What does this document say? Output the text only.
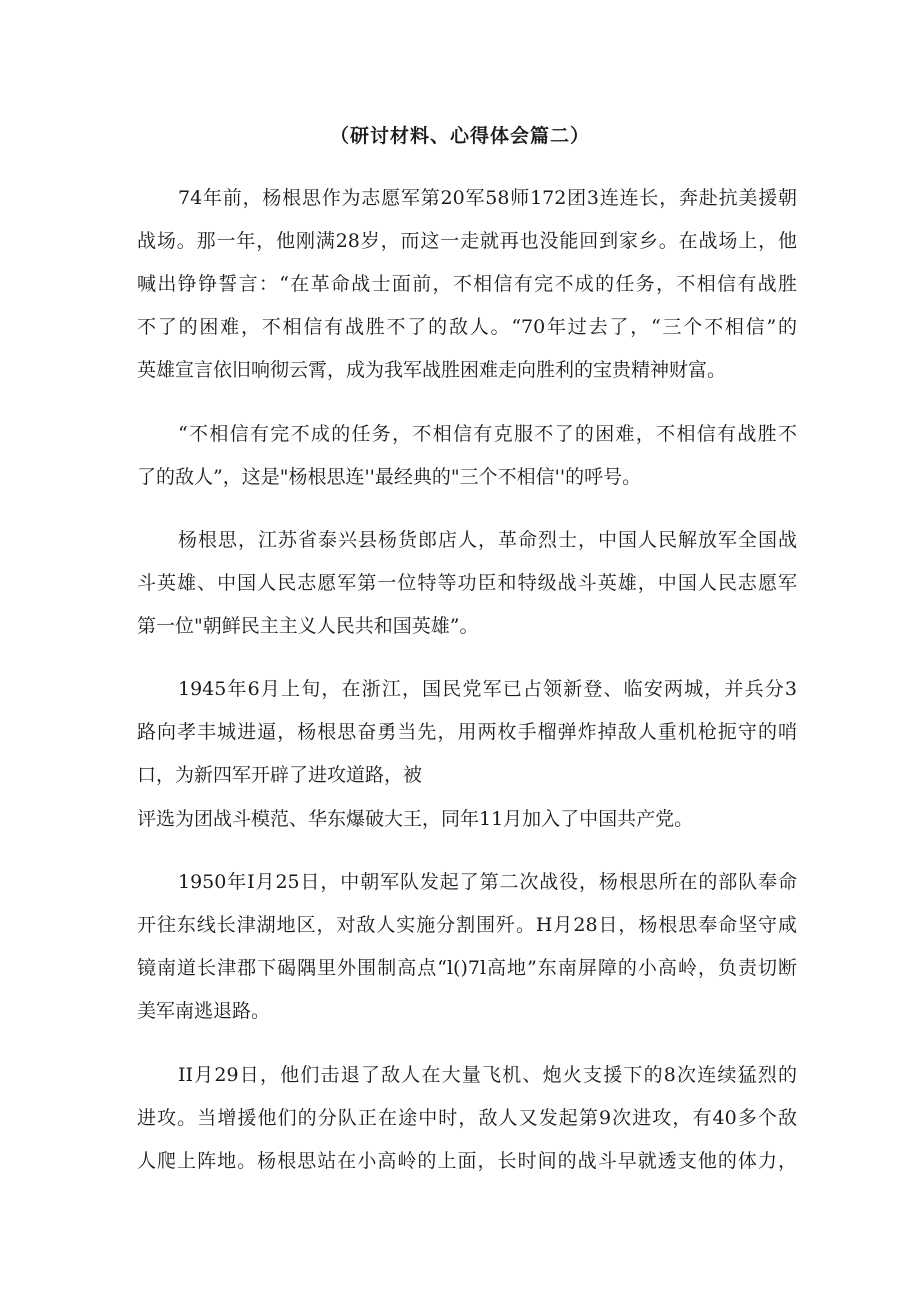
（研讨材料、心得体会篇二）
74年前，杨根思作为志愿军第20军58师172团3连连长，奔赴抗美援朝
战场。那一年，他刚满28岁，而这一走就再也没能回到家乡。在战场上，他
喊出铮铮誓言：“在革命战士面前，不相信有完不成的任务，不相信有战胜
不了的困难，不相信有战胜不了的敌人。“70年过去了，“三个不相信”的
英雄宣言依旧响彻云霄，成为我军战胜困难走向胜利的宝贵精神财富。
“不相信有完不成的任务，不相信有克服不了的困难，不相信有战胜不
了的敌人”，这是"杨根思连''最经典的"三个不相信''的呼号。
杨根思，江苏省泰兴县杨货郎店人，革命烈士，中国人民解放军全国战
斗英雄、中国人民志愿军第一位特等功臣和特级战斗英雄，中国人民志愿军
第一位"朝鲜民主主义人民共和国英雄”。
1945年6月上旬，在浙江，国民党军已占领新登、临安两城，并兵分3
路向孝丰城进逼，杨根思奋勇当先，用两枚手榴弹炸掉敌人重机枪扼守的哨
口，为新四军开辟了进攻道路，被
评选为团战斗模范、华东爆破大王，同年11月加入了中国共产党。
1950年I月25日，中朝军队发起了第二次战役，杨根思所在的部队奉命
开往东线长津湖地区，对敌人实施分割围歼。H月28日，杨根思奉命坚守咸
镜南道长津郡下碣隅里外围制高点“l()7l高地”东南屏障的小高岭，负责切断
美军南逃退路。
II月29日，他们击退了敌人在大量飞机、炮火支援下的8次连续猛烈的
进攻。当增援他们的分队正在途中时，敌人又发起第9次进攻，有40多个敌
人爬上阵地。杨根思站在小高岭的上面，长时间的战斗早就透支他的体力，
